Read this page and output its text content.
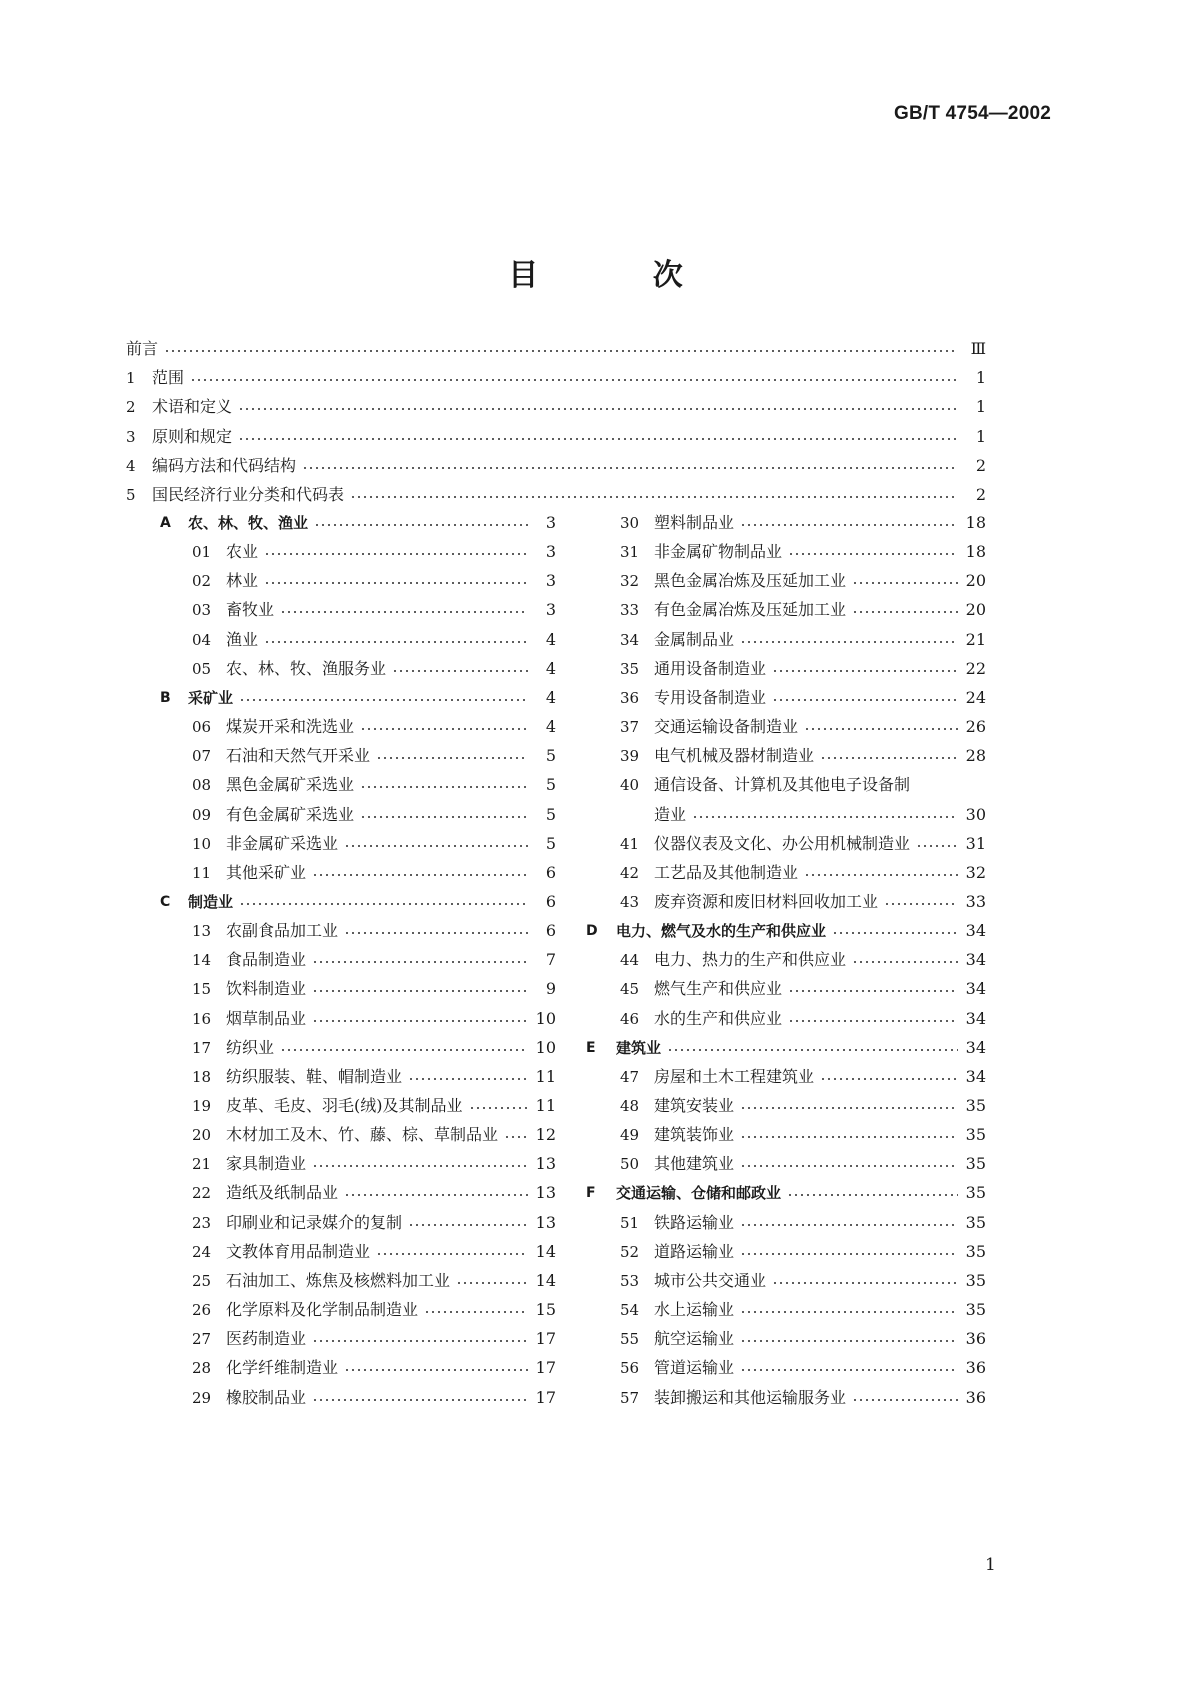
GB/T 4754—2002
目 次
前言	Ⅲ
1	范围	1
2	术语和定义	1
3	原则和规定	1
4	编码方法和代码结构	2
5	国民经济行业分类和代码表	2
A	农、林、牧、渔业	3
01 农业	3
02 林业	3
03 畜牧业	3
04 渔业	4
05 农、林、牧、渔服务业	4
B	采矿业	4
06 煤炭开采和洗选业	4
07 石油和天然气开采业	5
08 黑色金属矿采选业	5
09 有色金属矿采选业	5
10 非金属矿采选业	5
11 其他采矿业	6
C	制造业	6
13 农副食品加工业	6
14 食品制造业	7
15 饮料制造业	9
16 烟草制品业	10
17 纺织业	10
18 纺织服装、鞋、帽制造业	11
19 皮革、毛皮、羽毛(绒)及其制品业	11
20 木材加工及木、竹、藤、棕、草制品业 12
21 家具制造业	13
22 造纸及纸制品业	13
23 印刷业和记录媒介的复制	13
24 文教体育用品制造业	14
25 石油加工、炼焦及核燃料加工业	14
26 化学原料及化学制品制造业	15
27 医药制造业	17
28 化学纤维制造业	17
29 橡胶制品业	17
30 塑料制品业	18
31 非金属矿物制品业	18
32 黑色金属冶炼及压延加工业	20
33 有色金属冶炼及压延加工业	20
34 金属制品业	21
35 通用设备制造业	22
36 专用设备制造业	24
37 交通运输设备制造业	26
39 电气机械及器材制造业	28
40 通信设备、计算机及其他电子设备制
造业	30
41 仪器仪表及文化、办公用机械制造业	31
42 工艺品及其他制造业	32
43 废弃资源和废旧材料回收加工业	33
D	电力、燃气及水的生产和供应业	34
44 电力、热力的生产和供应业	34
45 燃气生产和供应业	34
46 水的生产和供应业	34
E	建筑业	34
47 房屋和土木工程建筑业	34
48 建筑安装业	35
49 建筑装饰业	35
50 其他建筑业	35
F	交通运输、仓储和邮政业	35
51 铁路运输业	35
52 道路运输业	35
53 城市公共交通业	35
54 水上运输业	35
55 航空运输业	36
56 管道运输业	36
57 装卸搬运和其他运输服务业	36
1
